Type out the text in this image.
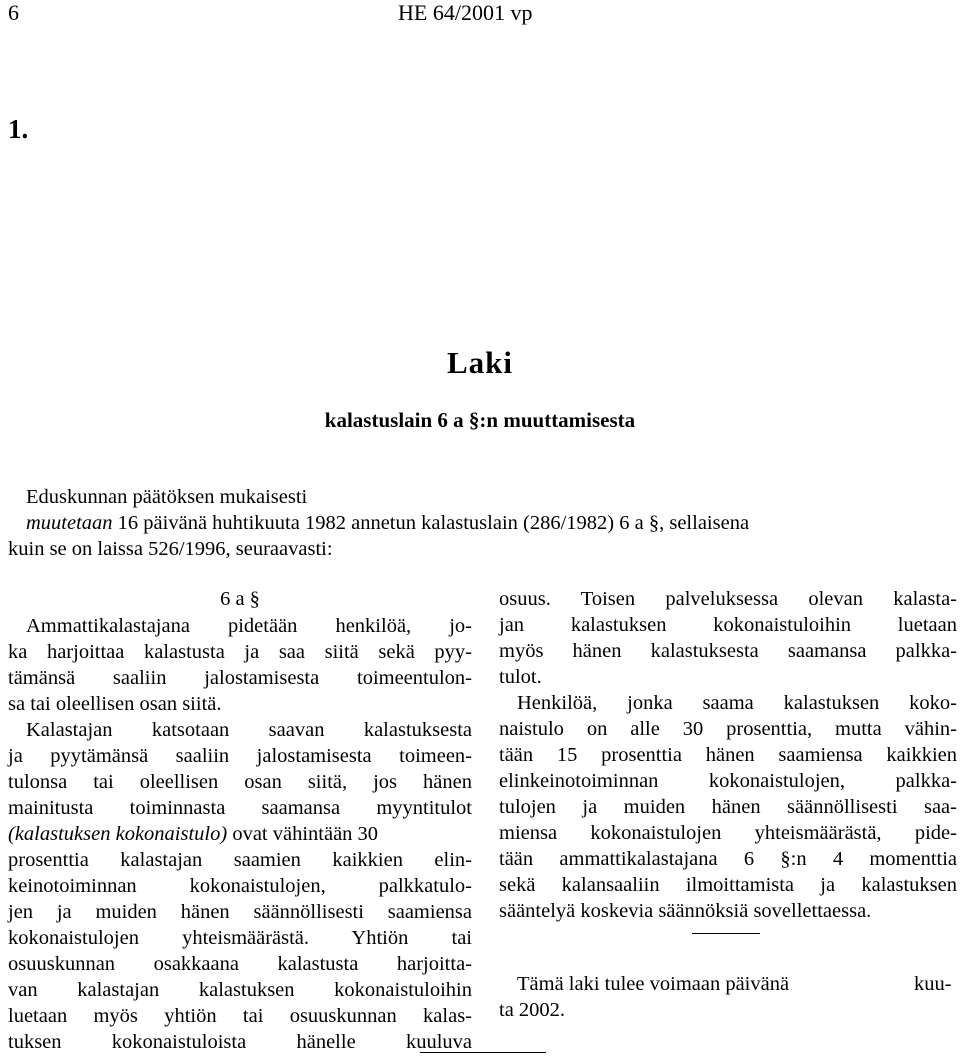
6	HE 64/2001 vp
1.
Laki
kalastuslain 6 a §:n muuttamisesta
Eduskunnan päätöksen mukaisesti
muutetaan 16 päivänä huhtikuuta 1982 annetun kalastuslain (286/1982) 6 a §, sellaisena
kuin se on laissa 526/1996, seuraavasti:
6 a §
Ammattikalastajana pidetään henkilöä, jo-
ka harjoittaa kalastusta ja saa siitä sekä pyy-
tämänsä saaliin jalostamisesta toimeentulon-
sa tai oleellisen osan siitä.
Kalastajan katsotaan saavan kalastuksesta
ja pyytämänsä saaliin jalostamisesta toimeen-
tulonsa tai oleellisen osan siitä, jos hänen
mainitusta toiminnasta saamansa myyntitulot
(kalastuksen kokonaistulo) ovat vähintään 30
prosenttia kalastajan saamien kaikkien elin-
keinotoiminnan kokonaistulojen, palkkatulo-
jen ja muiden hänen säännöllisesti saamiensa
kokonaistulojen yhteismäärästä. Yhtiön tai
osuuskunnan osakkaana kalastusta harjoitta-
van kalastajan kalastuksen kokonaistuloihin
luetaan myös yhtiön tai osuuskunnan kalas-
tuksen kokonaistuloista hänelle kuuluva
osuus. Toisen palveluksessa olevan kalasta-
jan kalastuksen kokonaistuloihin luetaan
myös hänen kalastuksesta saamansa palkka-
tulot.
Henkilöä, jonka saama kalastuksen koko-
naistulo on alle 30 prosenttia, mutta vähin-
tään 15 prosenttia hänen saamiensa kaikkien
elinkeinotoiminnan kokonaistulojen, palkka-
tulojen ja muiden hänen säännöllisesti saa-
miensa kokonaistulojen yhteismäärästä, pide-
tään ammattikalastajana 6 §:n 4 momenttia
sekä kalansaaliin ilmoittamista ja kalastuksen
sääntelyä koskevia säännöksiä sovellettaessa.
Tämä laki tulee voimaan päivänä	kuu-
ta 2002.
